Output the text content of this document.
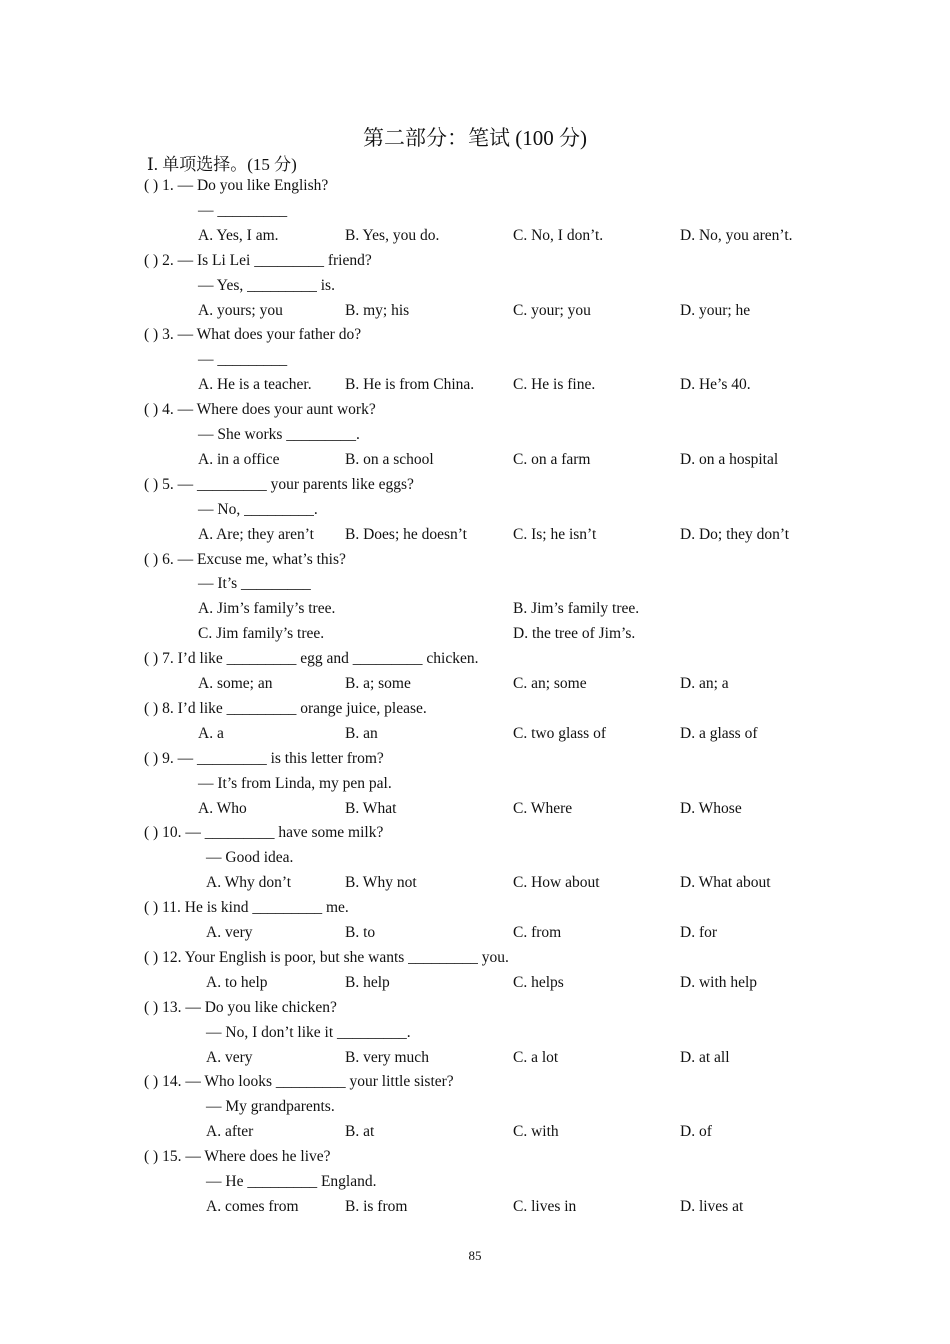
第二部分：笔试 (100 分)
Ⅰ. 单项选择。(15 分)
( ) 1. — Do you like English?
— _________
A. Yes, I am.	B. Yes, you do.	C. No, I don’t.	D. No, you aren’t.
( ) 2. — Is Li Lei _________ friend?
— Yes, _________ is.
A. yours; you	B. my; his	C. your; you	D. your; he
( ) 3. — What does your father do?
— _________
A. He is a teacher. B. He is from China.	C. He is fine.	D. He’s 40.
( ) 4. — Where does your aunt work?
— She works _________.
A. in a office	B. on a school	C. on a farm	D. on a hospital
( ) 5. — _________ your parents like eggs?
— No, _________.
A. Are; they aren’t B. Does; he doesn’t	C. Is; he isn’t	D. Do; they don’t
( ) 6. — Excuse me, what’s this?
— It’s _________
A. Jim’s family’s tree.	B. Jim’s family tree.
C. Jim family’s tree.	D. the tree of Jim’s.
( ) 7. I’d like _________ egg and _________ chicken.
A. some; an	B. a; some	C. an; some	D. an; a
( ) 8. I’d like _________ orange juice, please.
A. a	B. an	C. two glass of	D. a glass of
( ) 9. — _________ is this letter from?
— It’s from Linda, my pen pal.
A. Who	B. What	C. Where	D. Whose
( ) 10. — _________ have some milk?
— Good idea.
A. Why don’t	B. Why not	C. How about	D. What about
( ) 11. He is kind _________ me.
A. very	B. to	C. from	D. for
( ) 12. Your English is poor, but she wants _________ you.
A. to help	B. help	C. helps	D. with help
( ) 13. — Do you like chicken?
— No, I don’t like it _________.
A. very	B. very much	C. a lot	D. at all
( ) 14. — Who looks _________ your little sister?
— My grandparents.
A. after	B. at	C. with	D. of
( ) 15. — Where does he live?
— He _________ England.
A. comes from	B. is from	C. lives in	D. lives at
85
